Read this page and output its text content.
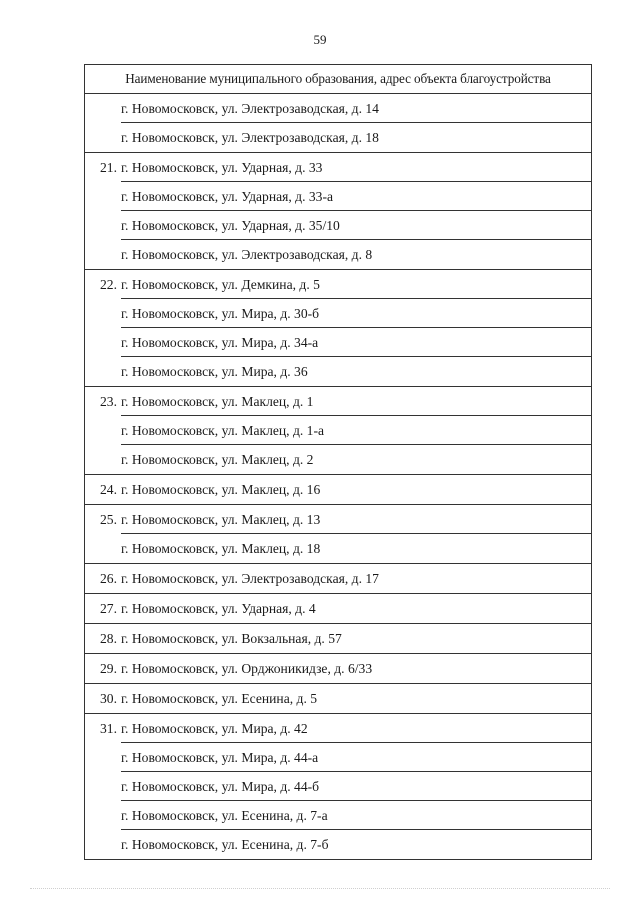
59
Наименование муниципального образования, адрес объекта благоустройства
г. Новомосковск, ул. Электрозаводская, д. 14
г. Новомосковск, ул. Электрозаводская, д. 18
21. г. Новомосковск, ул. Ударная, д. 33
г. Новомосковск, ул. Ударная, д. 33-а
г. Новомосковск, ул. Ударная, д. 35/10
г. Новомосковск, ул. Электрозаводская, д. 8
22. г. Новомосковск, ул. Демкина, д. 5
г. Новомосковск, ул. Мира, д. 30-б
г. Новомосковск, ул. Мира, д. 34-а
г. Новомосковск, ул. Мира, д. 36
23. г. Новомосковск, ул. Маклец, д. 1
г. Новомосковск, ул. Маклец, д. 1-а
г. Новомосковск, ул. Маклец, д. 2
24. г. Новомосковск, ул. Маклец, д. 16
25. г. Новомосковск, ул. Маклец, д. 13
г. Новомосковск, ул. Маклец, д. 18
26. г. Новомосковск, ул. Электрозаводская, д. 17
27. г. Новомосковск, ул. Ударная, д. 4
28. г. Новомосковск, ул. Вокзальная, д. 57
29. г. Новомосковск, ул. Орджоникидзе, д. 6/33
30. г. Новомосковск, ул. Есенина, д. 5
31. г. Новомосковск, ул. Мира, д. 42
г. Новомосковск, ул. Мира, д. 44-а
г. Новомосковск, ул. Мира, д. 44-б
г. Новомосковск, ул. Есенина, д. 7-а
г. Новомосковск, ул. Есенина, д. 7-б
